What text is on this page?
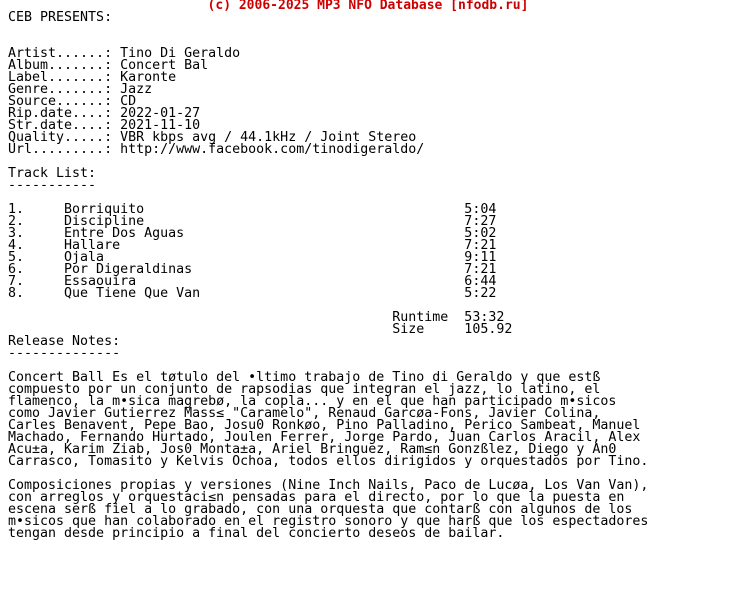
(c) 2006-2025 MP3 NFO Database [nfodb.ru]
CEB PRESENTS:
Artist......: Tino Di Geraldo
Album.......: Concert Bal
Label.......: Karonte
Genre.......: Jazz
Source......: CD
Rip.date....: 2022-01-27
Str.date....: 2021-11-10
Quality.....: VBR kbps avg / 44.1kHz / Joint Stereo
Url.........: http://www.facebook.com/tinodigeraldo/
Track List:
-----------
1.     Borriquito                                        5:04
2.     Discipline                                        7:27
3.     Entre Dos Aguas                                   5:02
4.     Hallare                                           7:21
5.     Ojala                                             9:11
6.     Por Digeraldinas                                  7:21
7.     Essaouira                                         6:44
8.     Que Tiene Que Van                                 5:22
Runtime  53:32
Size     105.92
Release Notes:
--------------
Concert Ball Es el tøtulo del •ltimo trabajo de Tino di Geraldo y que estß
compuesto por un conjunto de rapsodias que integran el jazz, lo latino, el
flamenco, la m•sica magrebø, la copla... y en el que han participado m•sicos
como Javier Gutierrez Mass≤ "Caramelo", Renaud Garcøa-Fons, Javier Colina,
Carles Benavent, Pepe Bao, Josu0 Ronkøo, Pino Palladino, Perico Sambeat, Manuel
Machado, Fernando Hurtado, Joulen Ferrer, Jorge Pardo, Juan Carlos Aracil, Alex
Acu±a, Karim Ziab, Jos0 Monta±a, Ariel Bringuez, Ram≤n Gonzßlez, Diego y An0
Carrasco, Tomasito y Kelvis Ochoa, todos ellos dirigidos y orquestados por Tino.
Composiciones propias y versiones (Nine Inch Nails, Paco de Lucøa, Los Van Van),
con arreglos y orquestaci≤n pensadas para el directo, por lo que la puesta en
escena serß fiel a lo grabado, con una orquesta que contarß con algunos de los
m•sicos que han colaborado en el registro sonoro y que harß que los espectadores
tengan desde principio a final del concierto deseos de bailar.
